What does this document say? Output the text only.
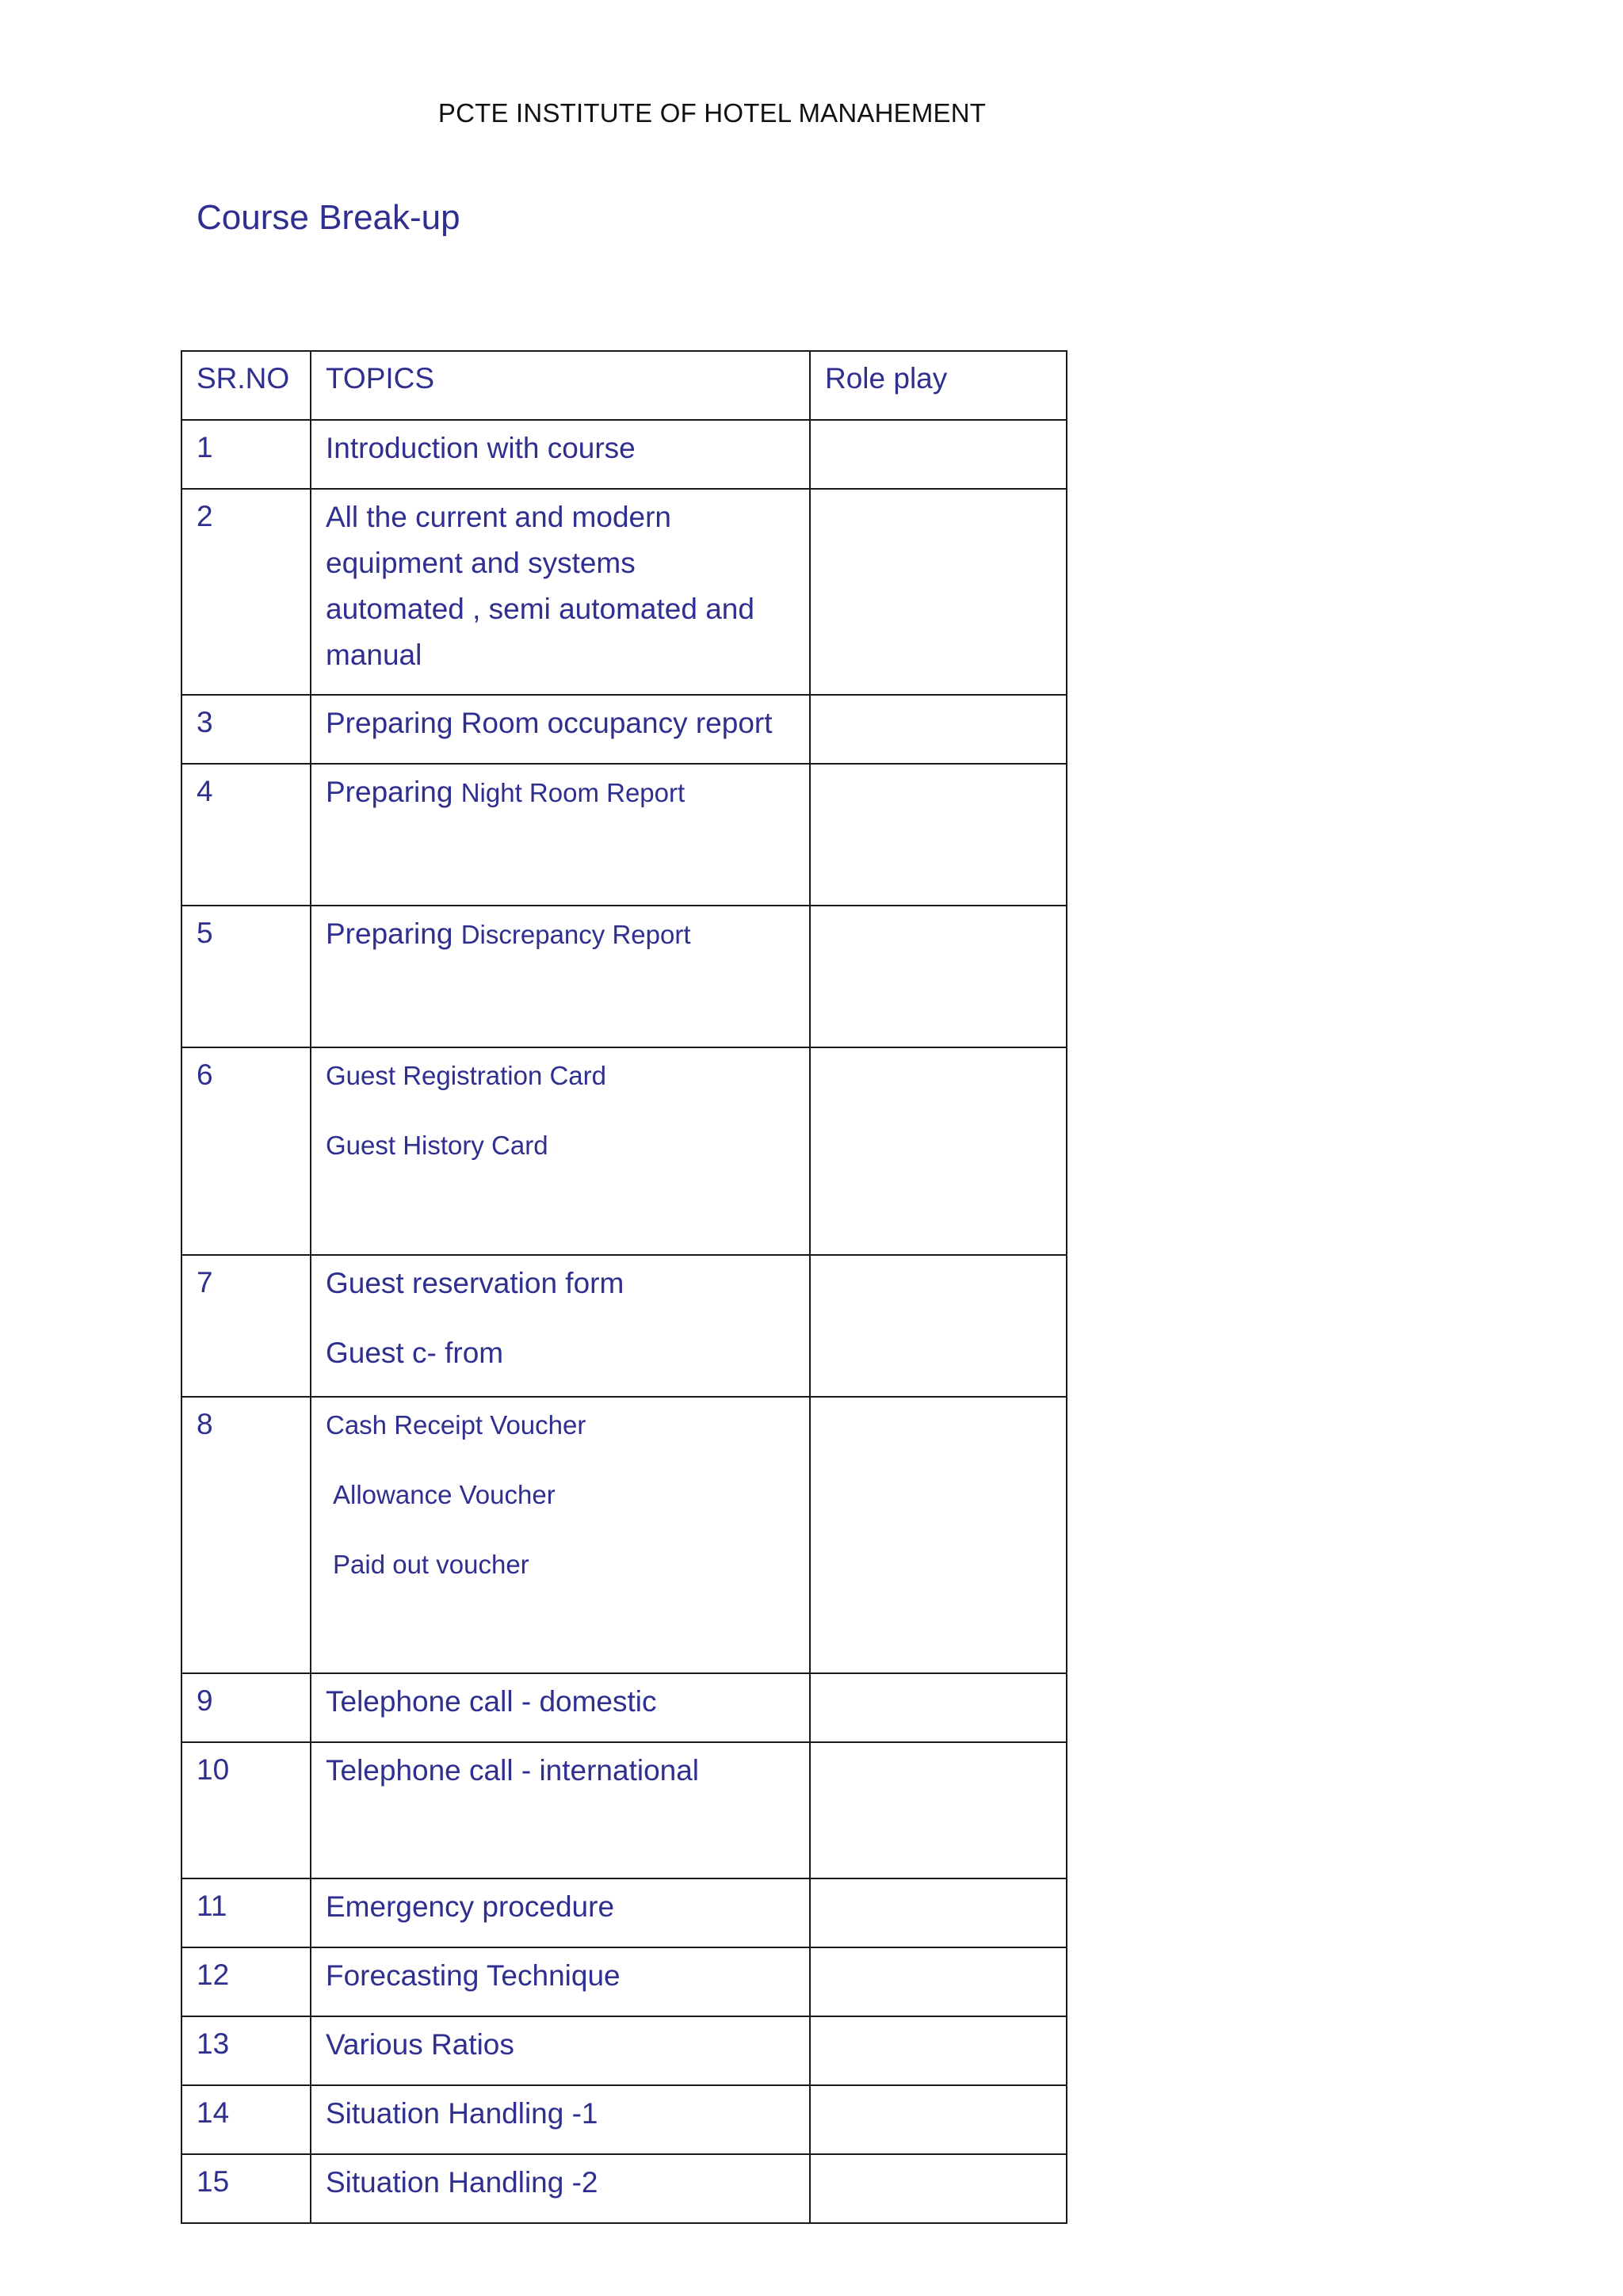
PCTE INSTITUTE OF HOTEL MANAHEMENT
Course Break-up
SR.NO	TOPICS	Role play
1	Introduction with course	

2	All the current and modern

equipment and systems

automated , semi automated and

manual	

3	Preparing Room occupancy report	

4	Preparing Night Room Report	

5	Preparing Discrepancy Report	

6	Guest Registration Card

Guest History Card	

7	Guest reservation form

Guest c- from	

8	Cash Receipt Voucher

Allowance Voucher

Paid out voucher	

9	Telephone call - domestic	

10	Telephone call - international	

11	Emergency procedure	

12	Forecasting Technique	

13	Various Ratios	

14	Situation Handling -1	

15	Situation Handling -2	
